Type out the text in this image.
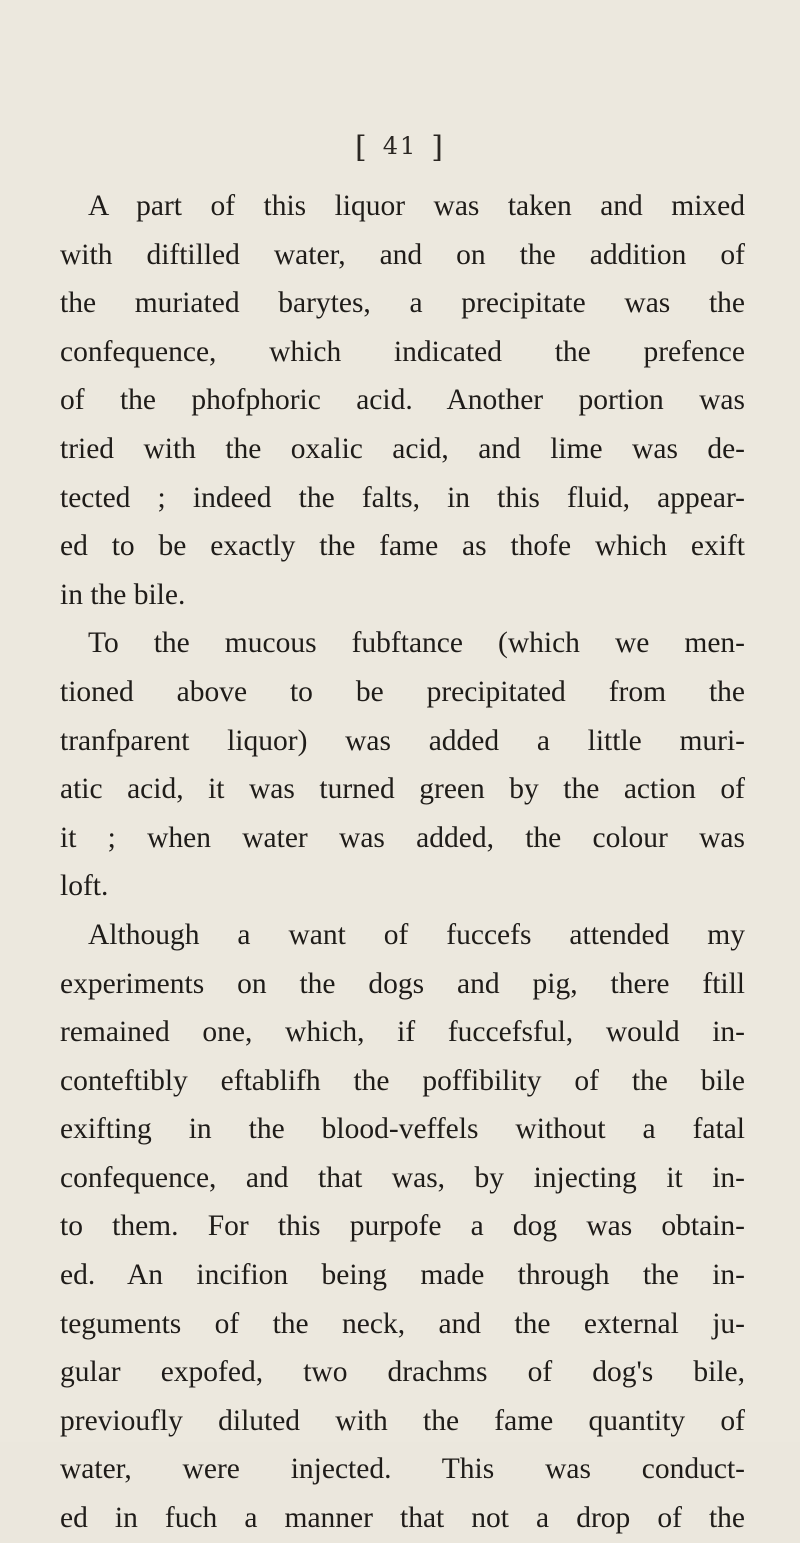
[ 41 ]
A part of this liquor was taken and mixed
with diftilled water, and on the addition of
the muriated barytes, a precipitate was the
confequence, which indicated the prefence
of the phofphoric acid. Another portion was
tried with the oxalic acid, and lime was de-
tected ; indeed the falts, in this fluid, appear-
ed to be exactly the fame as thofe which exift
in the bile.
To the mucous fubftance (which we men-
tioned above to be precipitated from the
tranfparent liquor) was added a little muri-
atic acid, it was turned green by the action of
it ; when water was added, the colour was
loft.
Although a want of fuccefs attended my
experiments on the dogs and pig, there ftill
remained one, which, if fuccefsful, would in-
conteftibly eftablifh the poffibility of the bile
exifting in the blood-veffels without a fatal
confequence, and that was, by injecting it in-
to them. For this purpofe a dog was obtain-
ed. An incifion being made through the in-
teguments of the neck, and the external ju-
gular expofed, two drachms of dog's bile,
previoufly diluted with the fame quantity of
water, were injected. This was conduct-
ed in fuch a manner that not a drop of the
